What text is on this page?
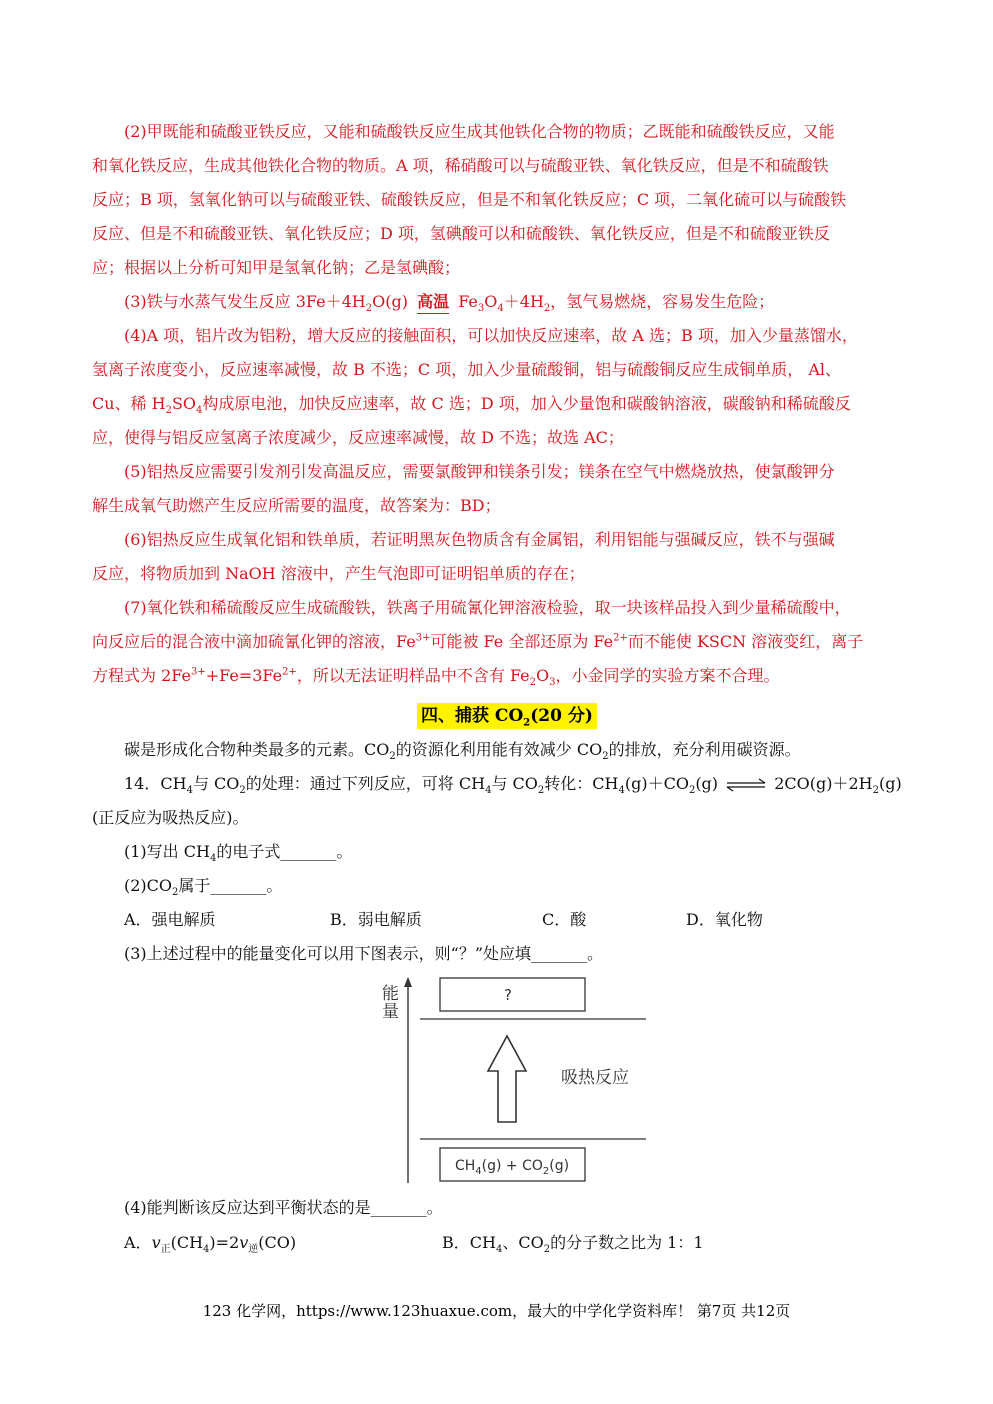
(2)甲既能和硫酸亚铁反应，又能和硫酸铁反应生成其他铁化合物的物质；乙既能和硫酸铁反应，又能
和氧化铁反应，生成其他铁化合物的物质。A 项，稀硝酸可以与硫酸亚铁、氧化铁反应，但是不和硫酸铁
反应；B 项，氢氧化钠可以与硫酸亚铁、硫酸铁反应，但是不和氧化铁反应；C 项，二氧化硫可以与硫酸铁
反应、但是不和硫酸亚铁、氧化铁反应；D 项，氢碘酸可以和硫酸铁、氧化铁反应，但是不和硫酸亚铁反
应；根据以上分析可知甲是氢氧化钠；乙是氢碘酸；
(3)铁与水蒸气发生反应 $3Fe+4H_2O(g)$ 高温 $Fe_3O_4+4H_2$，氢气易燃烧，容易发生危险；
(4)A 项，铝片改为铝粉，增大反应的接触面积，可以加快反应速率，故 A 选；B 项，加入少量蒸馏水，
氢离子浓度变小，反应速率减慢，故 B 不选；C 项，加入少量硫酸铜，铝与硫酸铜反应生成铜单质， Al、
Cu、稀 $H_2SO_4$构成原电池，加快反应速率，故 C 选；D 项，加入少量饱和碳酸钠溶液，碳酸钠和稀硫酸反
应，使得与铝反应氢离子浓度减少，反应速率减慢，故 D 不选；故选 AC；
(5)铝热反应需要引发剂引发高温反应，需要氯酸钾和镁条引发；镁条在空气中燃烧放热，使氯酸钾分
解生成氧气助燃产生反应所需要的温度，故答案为：BD；
(6)铝热反应生成氧化铝和铁单质，若证明黑灰色物质含有金属铝，利用铝能与强碱反应，铁不与强碱
反应，将物质加到 NaOH 溶液中，产生气泡即可证明铝单质的存在；
(7)氧化铁和稀硫酸反应生成硫酸铁，铁离子用硫氰化钾溶液检验，取一块该样品投入到少量稀硫酸中，
向反应后的混合液中滴加硫氰化钾的溶液，$Fe^{3+}$可能被 Fe 全部还原为 $Fe^{2+}$而不能使 KSCN 溶液变红，离子
方程式为 $2Fe^{3+}+Fe=3Fe^{2+}$，所以无法证明样品中不含有 $Fe_2O_3$，小金同学的实验方案不合理。
四、捕获 $CO_2(20$ 分)
碳是形成化合物种类最多的元素。$CO_2$的资源化利用能有效减少 $CO_2$的排放，充分利用碳资源。
14．$CH_4$与 $CO_2$的处理：通过下列反应，可将 $CH_4$与 $CO_2$转化：$CH_4(g)+CO_2(g)$ ⇌ $2CO(g)+2H_2(g)$
(正反应为吸热反应)。
(1)写出 $CH_4$的电子式_______。
$(2)CO_2$属于_______。
A．强电解质	B．弱电解质	C．酸	D．氧化物
(3)上述过程中的能量变化可以用下图表示，则“？”处应填_______。
能
量
?
吸热反应
$CH_4(g) + CO_2(g)$
(4)能判断该反应达到平衡状态的是_______。
A．$v_正(CH_4)=2v_逆(CO)$	B．$CH_4$、$CO_2$的分子数之比为 1：1
123 化学网，https://www.123huaxue.com，最大的中学化学资料库！ 第7页 共12页
